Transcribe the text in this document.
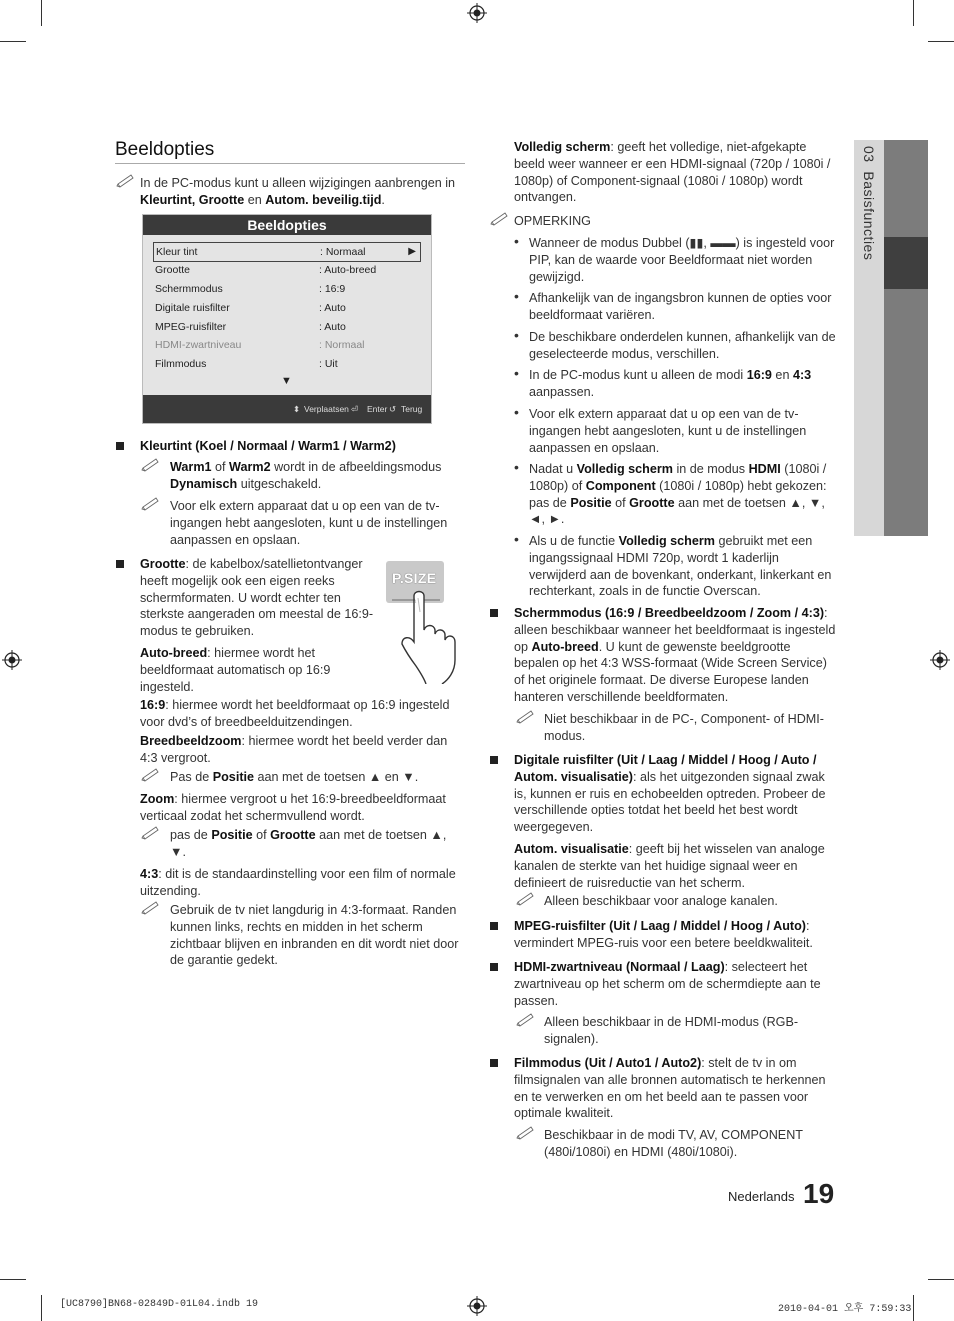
03  Basisfuncties
Beeldopties

In de PC-modus kunt u alleen wijzigingen aanbrengen in Kleurtint, Grootte en Autom. beveilig.tijd.

Beeldopties
Kleur tint	: Normaal	▶
Grootte	: Auto-breed
Schermmodus	: 16:9
Digitale ruisfilter	: Auto
MPEG-ruisfilter	: Auto
HDMI-zwartniveau	: Normaal
Filmmodus	: Uit
▼
⬍ Verplaatsen ⏎ Enter ↺ Terug

Kleurtint (Koel / Normaal / Warm1 / Warm2)

Warm1 of Warm2 wordt in de afbeeldingsmodus Dynamisch uitgeschakeld.

Voor elk extern apparaat dat u op een van de tv-ingangen hebt aangesloten, kunt u de instellingen aanpassen en opslaan.

Grootte: de kabelbox/satellietontvanger heeft mogelijk ook een eigen reeks schermformaten. U wordt echter ten sterkste aangeraden om meestal de 16:9-modus te gebruiken.

P.SIZE

Auto-breed: hiermee wordt het beeldformaat automatisch op 16:9 ingesteld.

16:9: hiermee wordt het beeldformaat op 16:9 ingesteld voor dvd’s of breedbeelduitzendingen.

Breedbeeldzoom: hiermee wordt het beeld verder dan 4:3 vergroot.

Pas de Positie aan met de toetsen ▲ en ▼.

Zoom: hiermee vergroot u het 16:9-breedbeeldformaat verticaal zodat het schermvullend wordt.

pas de Positie of Grootte aan met de toetsen ▲, ▼.

4:3: dit is de standaardinstelling voor een film of normale uitzending.

Gebruik de tv niet langdurig in 4:3-formaat. Randen kunnen links, rechts en midden in het scherm zichtbaar blijven en inbranden en dit wordt niet door de garantie gedekt.

Volledig scherm: geeft het volledige, niet-afgekapte beeld weer wanneer er een HDMI-signaal (720p / 1080i / 1080p) of Component-signaal (1080i / 1080p) wordt ontvangen.

OPMERKING

• Wanneer de modus Dubbel (▮▮, ▬▬) is ingesteld voor PIP, kan de waarde voor Beeldformaat niet worden gewijzigd.

• Afhankelijk van de ingangsbron kunnen de opties voor beeldformaat variëren.

• De beschikbare onderdelen kunnen, afhankelijk van de geselecteerde modus, verschillen.

• In de PC-modus kunt u alleen de modi 16:9 en 4:3 aanpassen.

• Voor elk extern apparaat dat u op een van de tv-ingangen hebt aangesloten, kunt u de instellingen aanpassen en opslaan.

• Nadat u Volledig scherm in de modus HDMI (1080i / 1080p) of Component (1080i / 1080p) hebt gekozen: pas de Positie of Grootte aan met de toetsen ▲, ▼, ◄, ►.

• Als u de functie Volledig scherm gebruikt met een ingangssignaal HDMI 720p, wordt 1 kaderlijn verwijderd aan de bovenkant, onderkant, linkerkant en rechterkant, zoals in de functie Overscan.

Schermmodus (16:9 / Breedbeeldzoom / Zoom / 4:3): alleen beschikbaar wanneer het beeldformaat is ingesteld op Auto-breed. U kunt de gewenste beeldgrootte bepalen op het 4:3 WSS-formaat (Wide Screen Service) of het originele formaat. De diverse Europese landen hanteren verschillende beeldformaten.

Niet beschikbaar in de PC-, Component- of HDMI-modus.

Digitale ruisfilter (Uit / Laag / Middel / Hoog / Auto / Autom. visualisatie): als het uitgezonden signaal zwak is, kunnen er ruis en echobeelden optreden. Probeer de verschillende opties totdat het beeld het best wordt weergegeven.

Autom. visualisatie: geeft bij het wisselen van analoge kanalen de sterkte van het huidige signaal weer en definieert de ruisreductie van het scherm.

Alleen beschikbaar voor analoge kanalen.

MPEG-ruisfilter (Uit / Laag / Middel / Hoog / Auto): vermindert MPEG-ruis voor een betere beeldkwaliteit.

HDMI-zwartniveau (Normaal / Laag): selecteert het zwartniveau op het scherm om de schermdiepte aan te passen.

Alleen beschikbaar in de HDMI-modus (RGB-signalen).

Filmmodus (Uit / Auto1 / Auto2): stelt de tv in om filmsignalen van alle bronnen automatisch te herkennen en te verwerken en om het beeld aan te passen voor optimale kwaliteit.

Beschikbaar in de modi TV, AV, COMPONENT (480i/1080i) en HDMI (480i/1080i).

Nederlands 19
[UC8790]BN68-02849D-01L04.indb 19	2010-04-01 오후 7:59:33
